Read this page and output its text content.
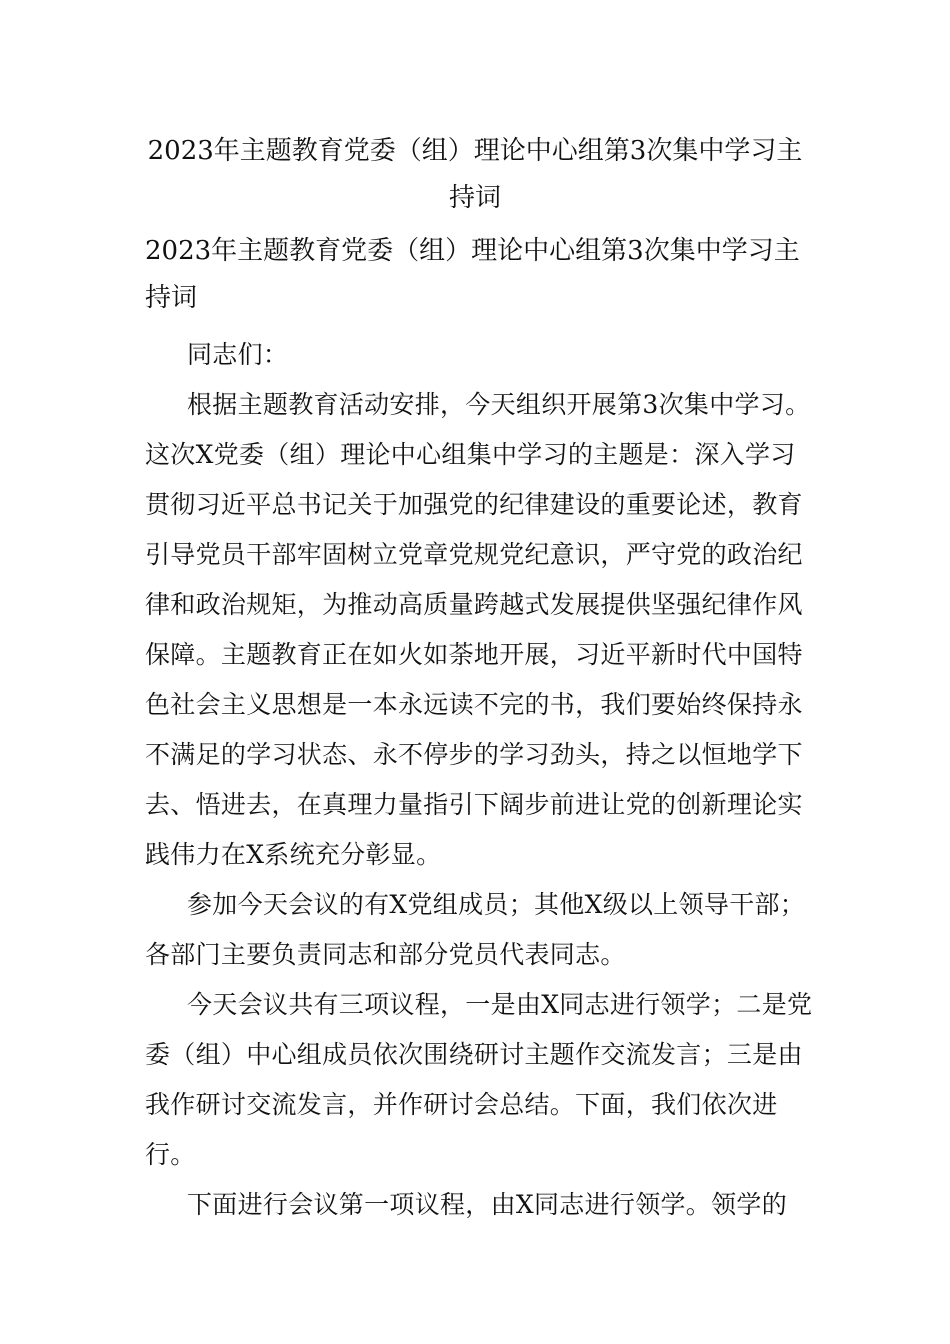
2023年主题教育党委（组）理论中心组第3次集中学习主持词
2023年主题教育党委（组）理论中心组第3次集中学习主持词

同志们：

根据主题教育活动安排，今天组织开展第3次集中学习。这次X党委（组）理论中心组集中学习的主题是：深入学习贯彻习近平总书记关于加强党的纪律建设的重要论述，教育引导党员干部牢固树立党章党规党纪意识，严守党的政治纪律和政治规矩，为推动高质量跨越式发展提供坚强纪律作风保障。主题教育正在如火如荼地开展，习近平新时代中国特色社会主义思想是一本永远读不完的书，我们要始终保持永不满足的学习状态、永不停步的学习劲头，持之以恒地学下去、悟进去，在真理力量指引下阔步前进让党的创新理论实践伟力在X系统充分彰显。

参加今天会议的有X党组成员；其他X级以上领导干部；各部门主要负责同志和部分党员代表同志。

今天会议共有三项议程，一是由X同志进行领学；二是党委（组）中心组成员依次围绕研讨主题作交流发言；三是由我作研讨交流发言，并作研讨会总结。下面，我们依次进行。

下面进行会议第一项议程，由X同志进行领学。领学的
